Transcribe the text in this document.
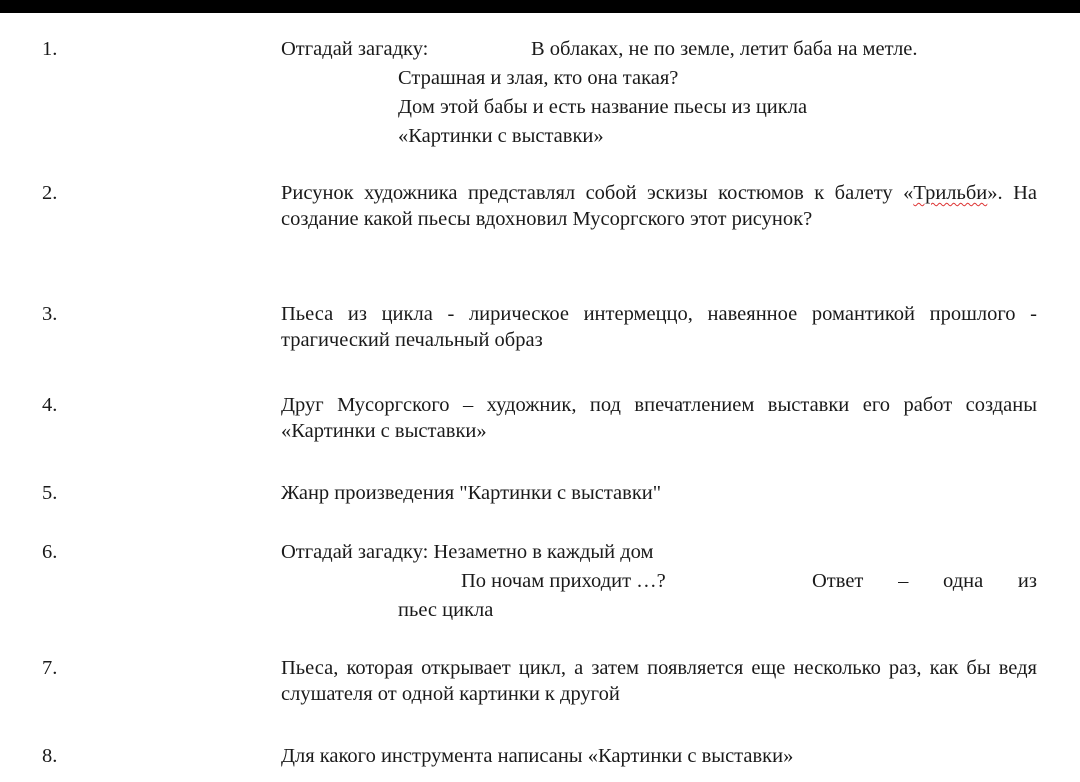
1.	Отгадай загадку:	В облаках, не по земле, летит баба на метле.
Страшная и злая, кто она такая?
Дом этой бабы и есть название пьесы из цикла
«Картинки с выставки»
2.	Рисунок художника представлял собой эскизы костюмов к балету «Трильби». На создание какой пьесы вдохновил Мусоргского этот рисунок?
3.	Пьеса из цикла - лирическое интермеццо, навеянное романтикой прошлого - трагический печальный образ
4.	Друг Мусоргского – художник, под впечатлением выставки его работ созданы «Картинки с выставки»
5.	Жанр произведения "Картинки с выставки"
6.	Отгадай загадку: Незаметно в каждый дом
По ночам приходит …?	Ответ – одна из
пьес цикла
7.	Пьеса, которая открывает цикл, а затем появляется еще несколько раз, как бы ведя слушателя от одной картинки к другой
8.	Для какого инструмента написаны «Картинки с выставки»
